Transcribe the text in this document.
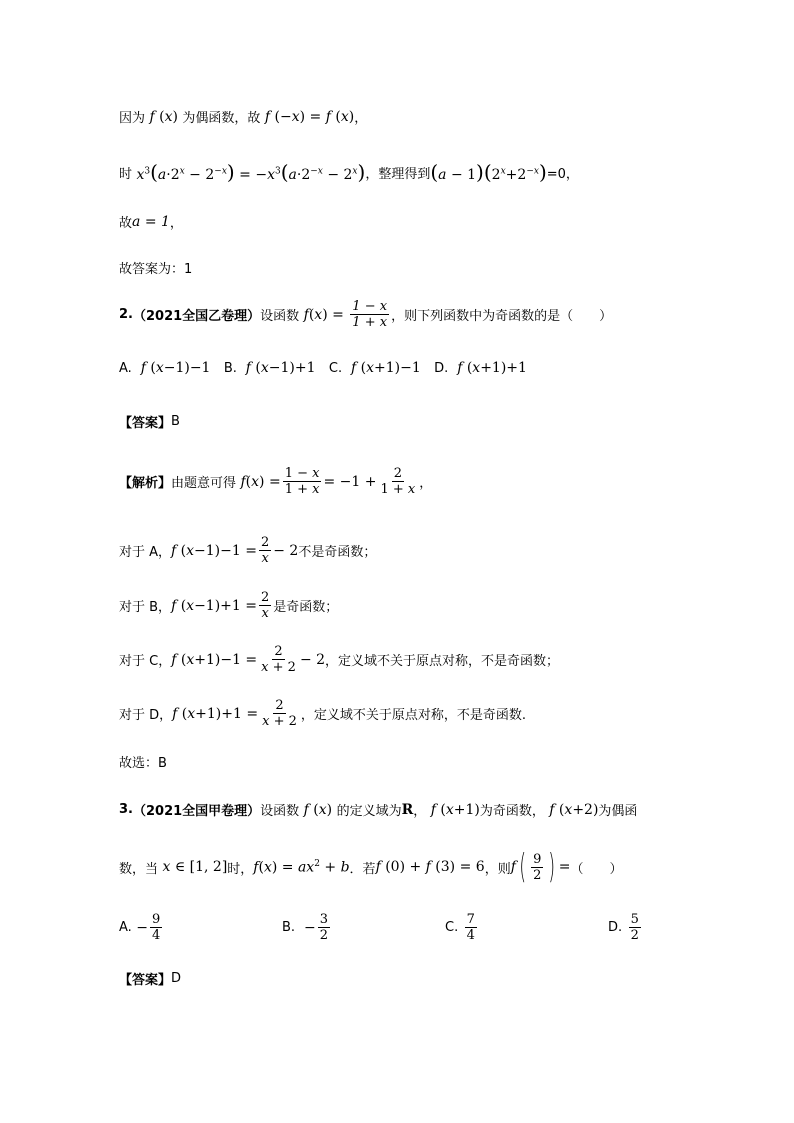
因为 f (x) 为偶函数，故 f (−x) = f (x) ，
时 $x^3(a\cdot 2^x - 2^{-x}) = -x^3(a\cdot 2^{-x} - 2^x)$ ，整理得到 $(a - 1)(2^x+2^{-x}) =0$，
故 a = 1 ，
故答案为：1
2. （2021全国乙卷理） 设函数 $f(x) = \frac{1 - x}{1 + x}$ ，则下列函数中为奇函数的是（　　）
A. f (x−1)−1 B. f (x−1)+1 C. f (x+1)−1 D. f (x+1)+1
【答案】 B
【解析】 由题意可得 $f(x) = \frac{1 - x}{1 + x} = -1 + \frac{2}{1 + x}$ ，
对于 A， f $(x-1)-1 = \frac{2}{x} - 2$ 不是奇函数；
对于 B， f $(x-1)+1 = \frac{2}{x}$ 是奇函数；
对于 C， f $(x+1)-1 = \frac{2}{x + 2} - 2$ ，定义域不关于原点对称，不是奇函数；
对于 D， f $(x+1)+1 = \frac{2}{x + 2}$ ，定义域不关于原点对称，不是奇函数.
故选：B
3. （2021全国甲卷理） 设函数 f (x) 的定义域为 R ， f (x+1) 为奇函数， f (x+2) 为偶函
数，当 x ∈ [1, 2] 时， $f(x) = ax^2 + b$ ．若 f (0) + f (3) = 6 ，则 f ( $\frac{9}{2}$ ) = （　　）
A. − $\frac{9}{4}$	B. − $\frac{3}{2}$	C.
$\frac{7}{4}$	D.
$\frac{5}{2}$
【答案】 D
